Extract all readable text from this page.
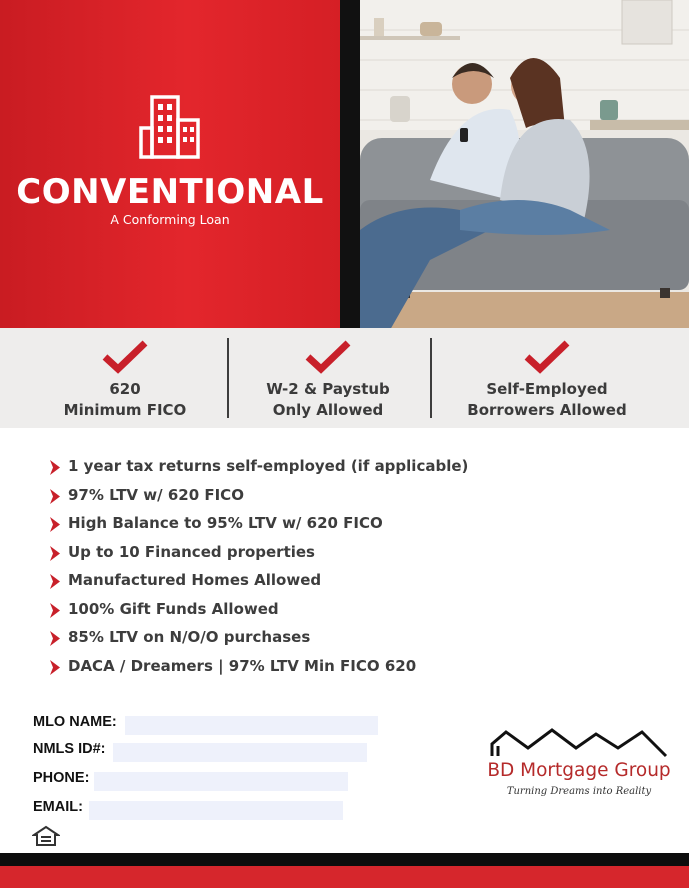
CONVENTIONAL
A Conforming Loan
620
Minimum FICO
W-2 & Paystub
Only Allowed
Self-Employed
Borrowers Allowed
1 year tax returns self-employed (if applicable)
97% LTV w/ 620 FICO
High Balance to 95% LTV w/ 620 FICO
Up to 10 Financed properties
Manufactured Homes Allowed
100% Gift Funds Allowed
85% LTV on N/O/O purchases
DACA / Dreamers | 97% LTV Min FICO 620
MLO NAME:
NMLS ID#:
PHONE:
EMAIL:
BD Mortgage Group
Turning Dreams into Reality
